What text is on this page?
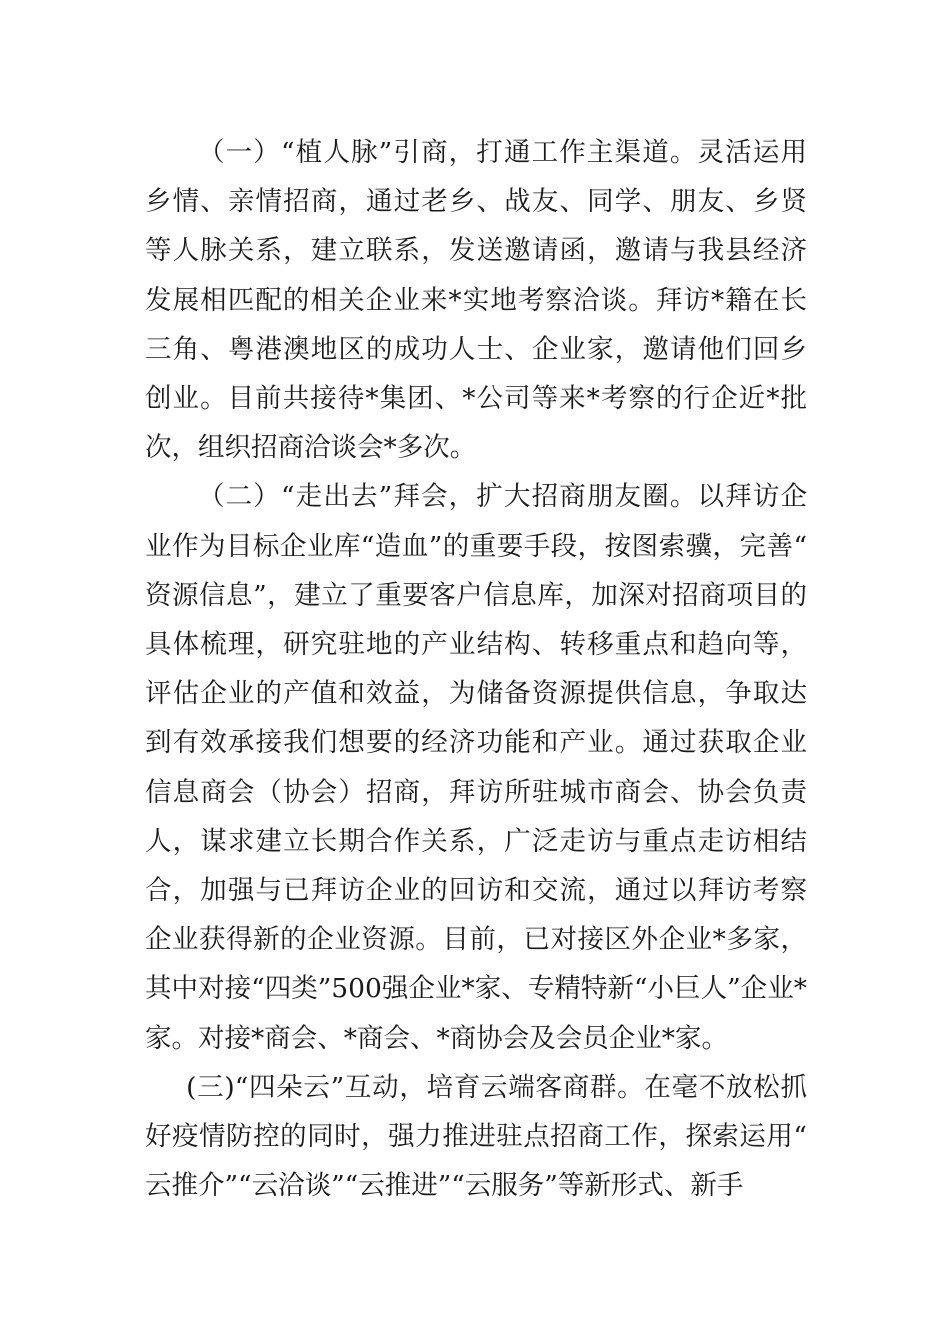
（一）“植人脉”引商，打通工作主渠道。灵活运用乡情、亲情招商，通过老乡、战友、同学、朋友、乡贤等人脉关系，建立联系，发送邀请函，邀请与我县经济发展相匹配的相关企业来*实地考察洽谈。拜访*籍在长三角、粤港澳地区的成功人士、企业家，邀请他们回乡创业。目前共接待*集团、*公司等来*考察的行企近*批次，组织招商洽谈会*多次。

（二）“走出去”拜会，扩大招商朋友圈。以拜访企业作为目标企业库“造血”的重要手段，按图索骥，完善“资源信息”，建立了重要客户信息库，加深对招商项目的具体梳理，研究驻地的产业结构、转移重点和趋向等，评估企业的产值和效益，为储备资源提供信息，争取达到有效承接我们想要的经济功能和产业。通过获取企业信息商会（协会）招商，拜访所驻城市商会、协会负责人，谋求建立长期合作关系，广泛走访与重点走访相结合，加强与已拜访企业的回访和交流，通过以拜访考察企业获得新的企业资源。目前，已对接区外企业*多家，其中对接“四类”500强企业*家、专精特新“小巨人”企业*家。对接*商会、*商会、*商协会及会员企业*家。

(三)“四朵云”互动，培育云端客商群。在毫不放松抓好疫情防控的同时，强力推进驻点招商工作，探索运用“云推介”“云洽谈”“云推进”“云服务”等新形式、新手
